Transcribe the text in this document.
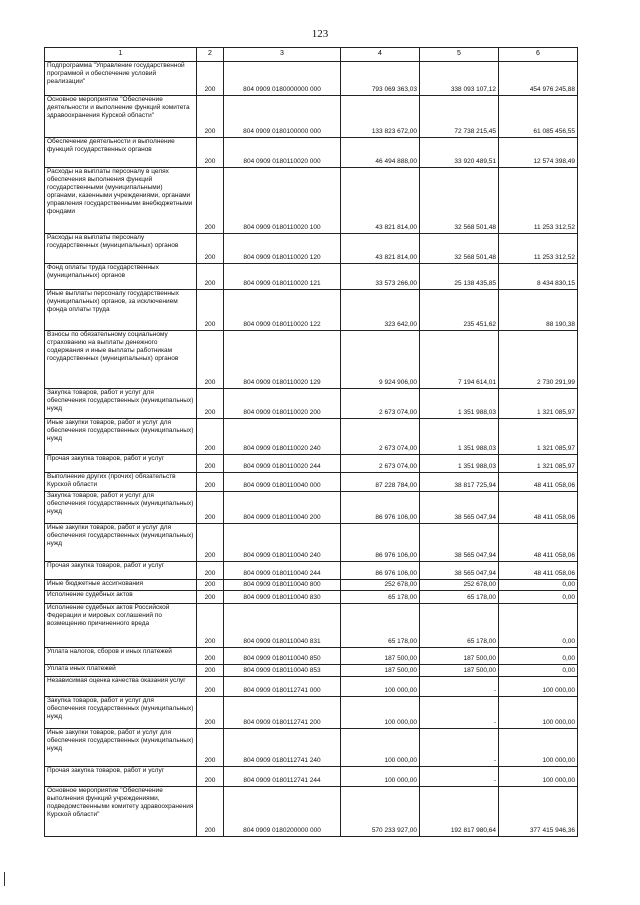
123
1	2	3	4	5	6
Подпрограмма "Управление государственной программой и обеспечение условий реализации"	200	804 0909 0180000000 000	793 069 363,03	338 093 107,12	454 976 245,88
Основное мероприятие "Обеспечение деятельности и выполнение функций комитета здравоохранения Курской области"	200	804 0909 0180100000 000	133 823 672,00	72 738 215,45	61 085 456,55
Обеспечение деятельности и выполнение функций государственных органов	200	804 0909 0180110020 000	46 494 888,00	33 920 489,51	12 574 398,49
Расходы на выплаты персоналу в целях обеспечения выполнения функций государственными (муниципальными) органами, казенными учреждениями, органами управления государственными внебюджетными фондами	200	804 0909 0180110020 100	43 821 814,00	32 568 501,48	11 253 312,52
Расходы на выплаты персоналу государственных (муниципальных) органов	200	804 0909 0180110020 120	43 821 814,00	32 568 501,48	11 253 312,52
Фонд оплаты труда государственных (муниципальных) органов	200	804 0909 0180110020 121	33 573 266,00	25 138 435,85	8 434 830,15
Иные выплаты персоналу государственных (муниципальных) органов, за исключением фонда оплаты труда	200	804 0909 0180110020 122	323 642,00	235 451,62	88 190,38
Взносы по обязательному социальному страхованию на выплаты денежного содержания и иные выплаты работникам государственных (муниципальных) органов	200	804 0909 0180110020 129	9 924 906,00	7 194 614,01	2 730 291,99
Закупка товаров, работ и услуг для обеспечения государственных (муниципальных) нужд	200	804 0909 0180110020 200	2 673 074,00	1 351 988,03	1 321 085,97
Иные закупки товаров, работ и услуг для обеспечения государственных (муниципальных) нужд	200	804 0909 0180110020 240	2 673 074,00	1 351 988,03	1 321 085,97
Прочая закупка товаров, работ и услуг	200	804 0909 0180110020 244	2 673 074,00	1 351 988,03	1 321 085,97
Выполнение других (прочих) обязательств Курской области	200	804 0909 0180110040 000	87 228 784,00	38 817 725,94	48 411 058,06
Закупка товаров, работ и услуг для обеспечения государственных (муниципальных) нужд	200	804 0909 0180110040 200	86 976 106,00	38 565 047,94	48 411 058,06
Иные закупки товаров, работ и услуг для обеспечения государственных (муниципальных) нужд	200	804 0909 0180110040 240	86 976 106,00	38 565 047,94	48 411 058,06
Прочая закупка товаров, работ и услуг	200	804 0909 0180110040 244	86 976 106,00	38 565 047,94	48 411 058,06
Иные бюджетные ассигнования	200	804 0909 0180110040 800	252 678,00	252 678,00	0,00
Исполнение судебных актов	200	804 0909 0180110040 830	65 178,00	65 178,00	0,00
Исполнение судебных актов Российской Федерации и мировых соглашений по возмещению причиненного вреда	200	804 0909 0180110040 831	65 178,00	65 178,00	0,00
Уплата налогов, сборов и иных платежей	200	804 0909 0180110040 850	187 500,00	187 500,00	0,00
Уплата иных платежей	200	804 0909 0180110040 853	187 500,00	187 500,00	0,00
Независимая оценка качества оказания услуг	200	804 0909 0180112741 000	100 000,00	-	100 000,00
Закупка товаров, работ и услуг для обеспечения государственных (муниципальных) нужд	200	804 0909 0180112741 200	100 000,00	-	100 000,00
Иные закупки товаров, работ и услуг для обеспечения государственных (муниципальных) нужд	200	804 0909 0180112741 240	100 000,00	-	100 000,00
Прочая закупка товаров, работ и услуг	200	804 0909 0180112741 244	100 000,00	-	100 000,00
Основное мероприятие "Обеспечение выполнения функций учреждениями, подведомственными комитету здравоохранения Курской области"	200	804 0909 0180200000 000	570 233 927,00	192 817 980,64	377 415 946,36
